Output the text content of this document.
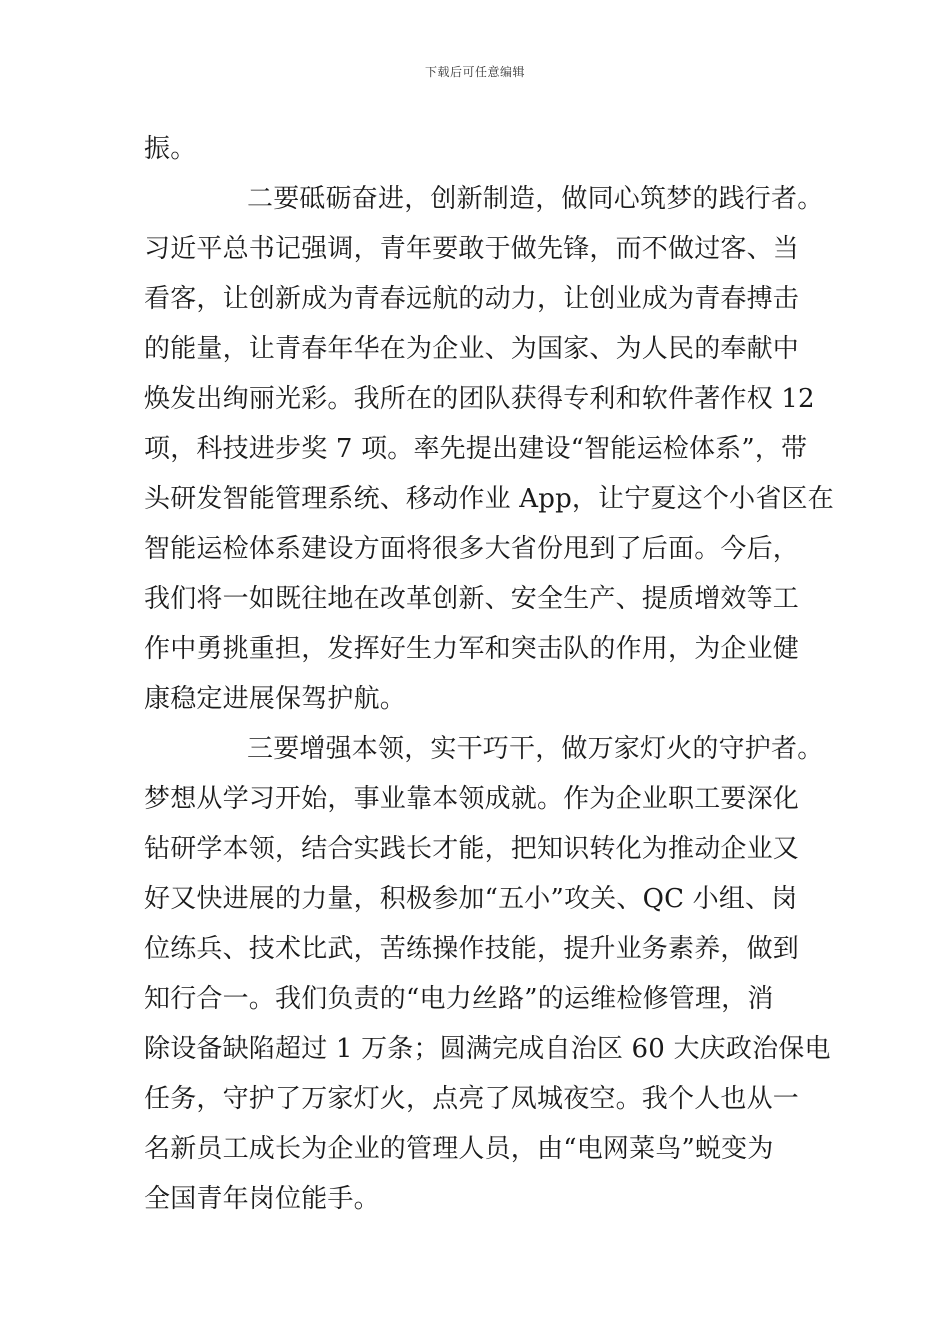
下载后可任意编辑
振。
二要砥砺奋进，创新制造，做同心筑梦的践行者。
习近平总书记强调，青年要敢于做先锋，而不做过客、当
看客，让创新成为青春远航的动力，让创业成为青春搏击
的能量，让青春年华在为企业、为国家、为人民的奉献中
焕发出绚丽光彩。我所在的团队获得专利和软件著作权 12
项，科技进步奖 7 项。率先提出建设“智能运检体系”，带
头研发智能管理系统、移动作业 App，让宁夏这个小省区在
智能运检体系建设方面将很多大省份甩到了后面。今后，
我们将一如既往地在改革创新、安全生产、提质增效等工
作中勇挑重担，发挥好生力军和突击队的作用，为企业健
康稳定进展保驾护航。
三要增强本领，实干巧干，做万家灯火的守护者。
梦想从学习开始，事业靠本领成就。作为企业职工要深化
钻研学本领，结合实践长才能，把知识转化为推动企业又
好又快进展的力量，积极参加“五小”攻关、QC 小组、岗
位练兵、技术比武，苦练操作技能，提升业务素养，做到
知行合一。我们负责的“电力丝路”的运维检修管理，消
除设备缺陷超过 1 万条；圆满完成自治区 60 大庆政治保电
任务，守护了万家灯火，点亮了凤城夜空。我个人也从一
名新员工成长为企业的管理人员，由“电网菜鸟”蜕变为
全国青年岗位能手。
